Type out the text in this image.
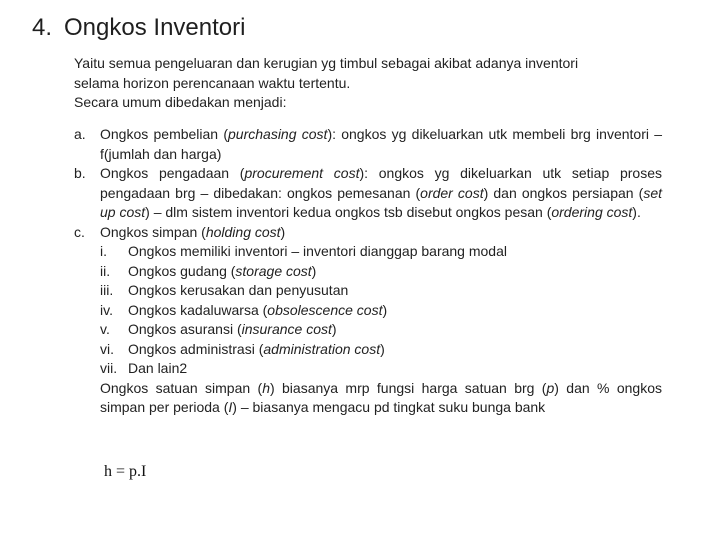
4. Ongkos Inventori
Yaitu semua pengeluaran dan kerugian yg timbul sebagai akibat adanya inventori
selama horizon perencanaan waktu tertentu.
Secara umum dibedakan menjadi:
a.	Ongkos pembelian (purchasing cost): ongkos yg dikeluarkan utk membeli brg inventori – f(jumlah dan harga)
b.	Ongkos pengadaan (procurement cost): ongkos yg dikeluarkan utk setiap proses pengadaan brg – dibedakan: ongkos pemesanan (order cost) dan ongkos persiapan (set up cost) – dlm sistem inventori kedua ongkos tsb disebut ongkos pesan (ordering cost).
c.	Ongkos simpan (holding cost)
i.	Ongkos memiliki inventori – inventori dianggap barang modal
ii.	Ongkos gudang (storage cost)
iii.	Ongkos kerusakan dan penyusutan
iv.	Ongkos kadaluwarsa (obsolescence cost)
v.	Ongkos asuransi (insurance cost)
vi.	Ongkos administrasi (administration cost)
vii. Dan lain2
Ongkos satuan simpan (h) biasanya mrp fungsi harga satuan brg (p) dan % ongkos simpan per perioda (I) – biasanya mengacu pd tingkat suku bunga bank
h = p.I
